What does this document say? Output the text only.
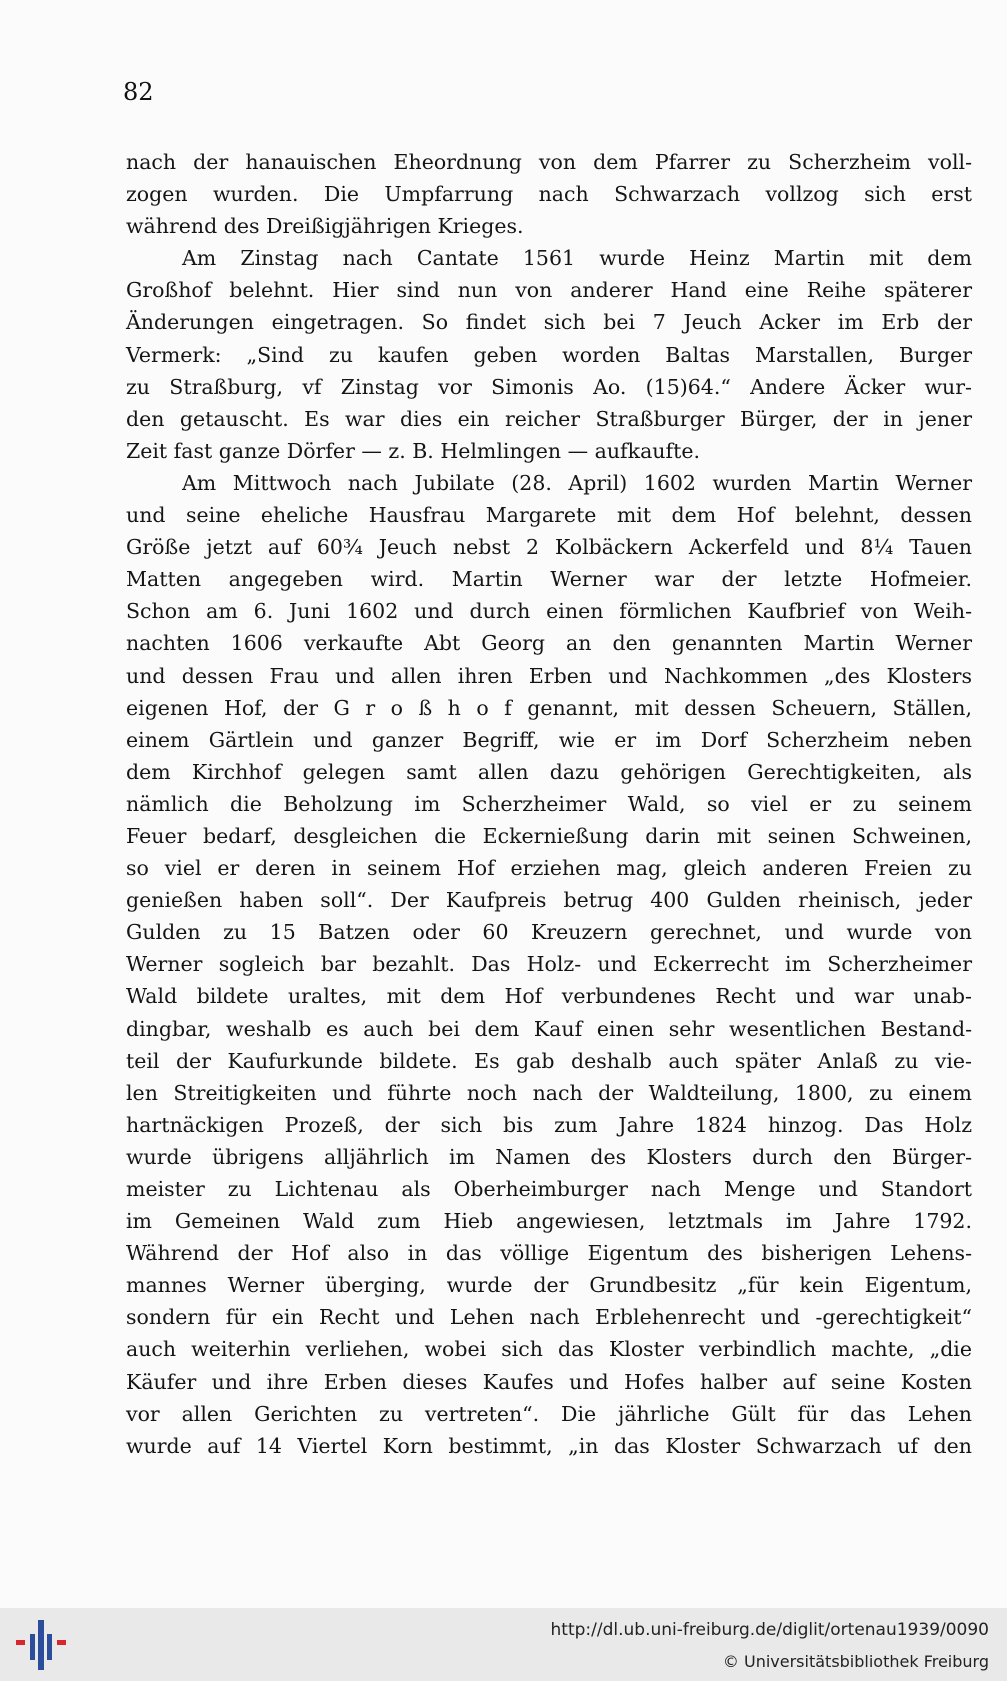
82
nach der hanauischen Eheordnung von dem Pfarrer zu Scherzheim voll-
zogen wurden. Die Umpfarrung nach Schwarzach vollzog sich erst
während des Dreißigjährigen Krieges.
Am Zinstag nach Cantate 1561 wurde Heinz Martin mit dem
Großhof belehnt. Hier sind nun von anderer Hand eine Reihe späterer
Änderungen eingetragen. So findet sich bei 7 Jeuch Acker im Erb der
Vermerk: „Sind zu kaufen geben worden Baltas Marstallen, Burger
zu Straßburg, vf Zinstag vor Simonis Ao. (15)64.“ Andere Äcker wur-
den getauscht. Es war dies ein reicher Straßburger Bürger, der in jener
Zeit fast ganze Dörfer — z. B. Helmlingen — aufkaufte.
Am Mittwoch nach Jubilate (28. April) 1602 wurden Martin Werner
und seine eheliche Hausfrau Margarete mit dem Hof belehnt, dessen
Größe jetzt auf 60¾ Jeuch nebst 2 Kolbäckern Ackerfeld und 8¼ Tauen
Matten angegeben wird. Martin Werner war der letzte Hofmeier.
Schon am 6. Juni 1602 und durch einen förmlichen Kaufbrief von Weih-
nachten 1606 verkaufte Abt Georg an den genannten Martin Werner
und dessen Frau und allen ihren Erben und Nachkommen „des Klosters
eigenen Hof, der G r o ß h o f genannt, mit dessen Scheuern, Ställen,
einem Gärtlein und ganzer Begriff, wie er im Dorf Scherzheim neben
dem Kirchhof gelegen samt allen dazu gehörigen Gerechtigkeiten, als
nämlich die Beholzung im Scherzheimer Wald, so viel er zu seinem
Feuer bedarf, desgleichen die Eckernießung darin mit seinen Schweinen,
so viel er deren in seinem Hof erziehen mag, gleich anderen Freien zu
genießen haben soll“. Der Kaufpreis betrug 400 Gulden rheinisch, jeder
Gulden zu 15 Batzen oder 60 Kreuzern gerechnet, und wurde von
Werner sogleich bar bezahlt. Das Holz- und Eckerrecht im Scherzheimer
Wald bildete uraltes, mit dem Hof verbundenes Recht und war unab-
dingbar, weshalb es auch bei dem Kauf einen sehr wesentlichen Bestand-
teil der Kaufurkunde bildete. Es gab deshalb auch später Anlaß zu vie-
len Streitigkeiten und führte noch nach der Waldteilung, 1800, zu einem
hartnäckigen Prozeß, der sich bis zum Jahre 1824 hinzog. Das Holz
wurde übrigens alljährlich im Namen des Klosters durch den Bürger-
meister zu Lichtenau als Oberheimburger nach Menge und Standort
im Gemeinen Wald zum Hieb angewiesen, letztmals im Jahre 1792.
Während der Hof also in das völlige Eigentum des bisherigen Lehens-
mannes Werner überging, wurde der Grundbesitz „für kein Eigentum,
sondern für ein Recht und Lehen nach Erblehenrecht und -gerechtigkeit“
auch weiterhin verliehen, wobei sich das Kloster verbindlich machte, „die
Käufer und ihre Erben dieses Kaufes und Hofes halber auf seine Kosten
vor allen Gerichten zu vertreten“. Die jährliche Gült für das Lehen
wurde auf 14 Viertel Korn bestimmt, „in das Kloster Schwarzach uf den
http://dl.ub.uni-freiburg.de/diglit/ortenau1939/0090
© Universitätsbibliothek Freiburg
